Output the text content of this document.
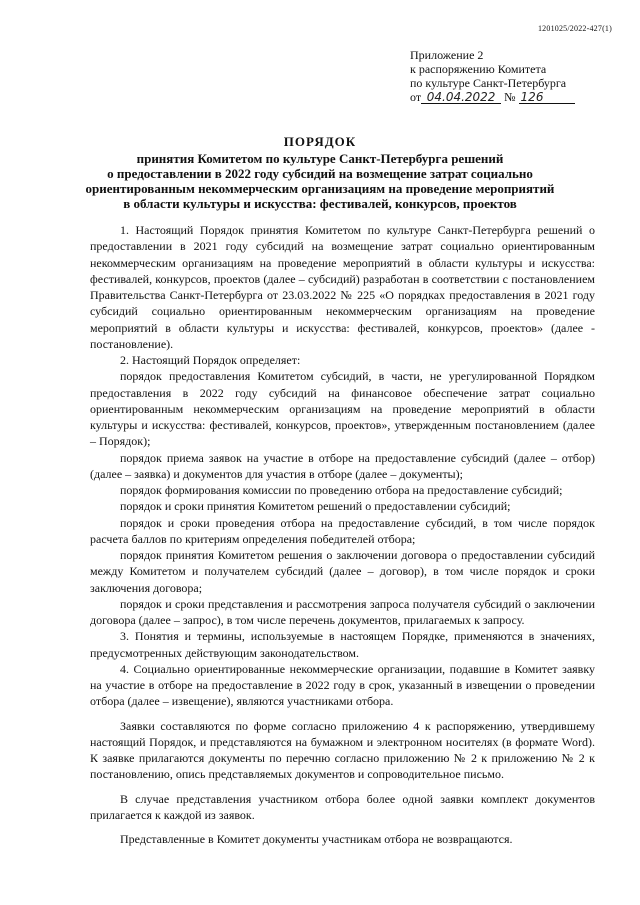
1201025/2022-427(1)
Приложение 2
к распоряжению Комитета
по культуре Санкт-Петербурга
от 04.04.2022 № 126
ПОРЯДОК
принятия Комитетом по культуре Санкт-Петербурга решений
о предоставлении в 2022 году субсидий на возмещение затрат социально
ориентированным некоммерческим организациям на проведение мероприятий
в области культуры и искусства: фестивалей, конкурсов, проектов

1. Настоящий Порядок принятия Комитетом по культуре Санкт-Петербурга решений о предоставлении в 2021 году субсидий на возмещение затрат социально ориентированным некоммерческим организациям на проведение мероприятий в области культуры и искусства: фестивалей, конкурсов, проектов (далее – субсидий) разработан в соответствии с постановлением Правительства Санкт-Петербурга от 23.03.2022 № 225 «О порядках предоставления в 2021 году субсидий социально ориентированным некоммерческим организациям на проведение мероприятий в области культуры и искусства: фестивалей, конкурсов, проектов» (далее - постановление).

2. Настоящий Порядок определяет:

порядок предоставления Комитетом субсидий, в части, не урегулированной Порядком предоставления в 2022 году субсидий на финансовое обеспечение затрат социально ориентированным некоммерческим организациям на проведение мероприятий в области культуры и искусства: фестивалей, конкурсов, проектов», утвержденным постановлением (далее – Порядок);

порядок приема заявок на участие в отборе на предоставление субсидий (далее – отбор) (далее – заявка) и документов для участия в отборе (далее – документы);

порядок формирования комиссии по проведению отбора на предоставление субсидий;

порядок и сроки принятия Комитетом решений о предоставлении субсидий;

порядок и сроки проведения отбора на предоставление субсидий, в том числе порядок расчета баллов по критериям определения победителей отбора;

порядок принятия Комитетом решения о заключении договора о предоставлении субсидий между Комитетом и получателем субсидий (далее – договор), в том числе порядок и сроки заключения договора;

порядок и сроки представления и рассмотрения запроса получателя субсидий о заключении договора (далее – запрос), в том числе перечень документов, прилагаемых к запросу.

3. Понятия и термины, используемые в настоящем Порядке, применяются в значениях, предусмотренных действующим законодательством.

4. Социально ориентированные некоммерческие организации, подавшие в Комитет заявку на участие в отборе на предоставление в 2022 году в срок, указанный в извещении о проведении отбора (далее – извещение), являются участниками отбора.

Заявки составляются по форме согласно приложению 4 к распоряжению, утвердившему настоящий Порядок, и представляются на бумажном и электронном носителях (в формате Word). К заявке прилагаются документы по перечню согласно приложению № 2 к приложению № 2 к постановлению, опись представляемых документов и сопроводительное письмо.

В случае представления участником отбора более одной заявки комплект документов прилагается к каждой из заявок.

Представленные в Комитет документы участникам отбора не возвращаются.
